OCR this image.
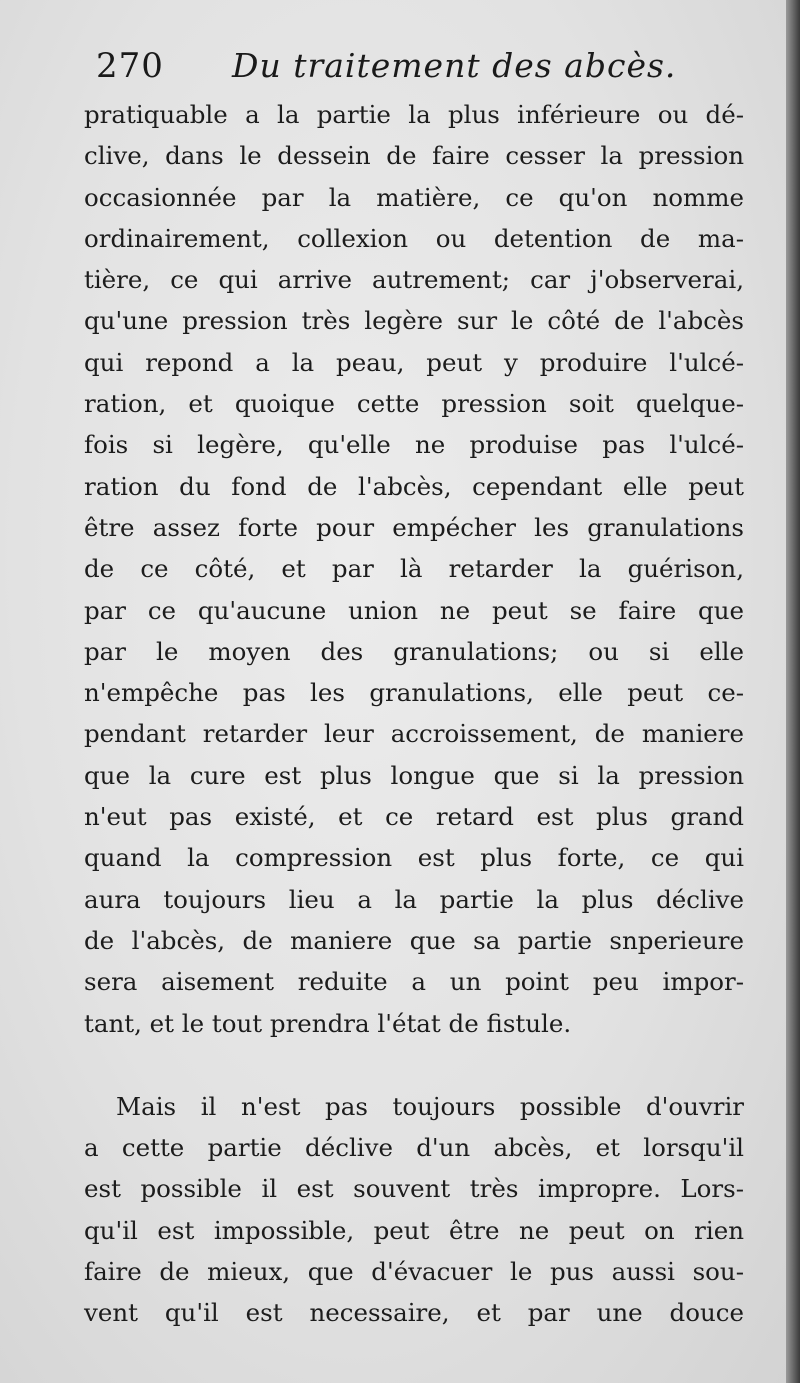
270 Du traitement des abcès.
pratiquable a la partie la plus inférieure ou dé-
clive, dans le dessein de faire cesser la pression
occasionnée par la matière, ce qu'on nomme
ordinairement, collexion ou detention de ma-
tière, ce qui arrive autrement; car j'observerai,
qu'une pression très legère sur le côté de l'abcès
qui repond a la peau, peut y produire l'ulcé-
ration, et quoique cette pression soit quelque-
fois si legère, qu'elle ne produise pas l'ulcé-
ration du fond de l'abcès, cependant elle peut
être assez forte pour empécher les granulations
de ce côté, et par là retarder la guérison,
par ce qu'aucune union ne peut se faire que
par le moyen des granulations; ou si elle
n'empêche pas les granulations, elle peut ce-
pendant retarder leur accroissement, de maniere
que la cure est plus longue que si la pression
n'eut pas existé, et ce retard est plus grand
quand la compression est plus forte, ce qui
aura toujours lieu a la partie la plus déclive
de l'abcès, de maniere que sa partie snperieure
sera aisement reduite a un point peu impor-
tant, et le tout prendra l'état de fistule.
Mais il n'est pas toujours possible d'ouvrir
a cette partie déclive d'un abcès, et lorsqu'il
est possible il est souvent très impropre. Lors-
qu'il est impossible, peut être ne peut on rien
faire de mieux, que d'évacuer le pus aussi sou-
vent qu'il est necessaire, et par une douce
